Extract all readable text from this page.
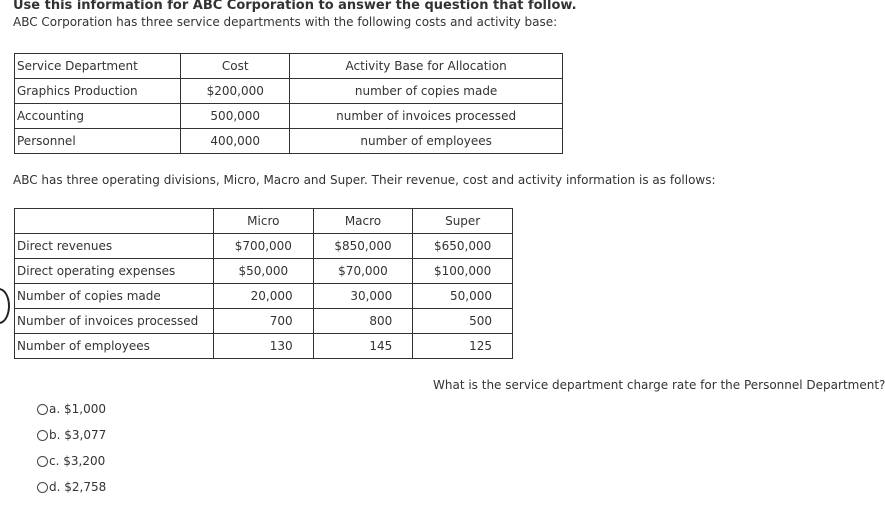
Use this information for ABC Corporation to answer the question that follow.
ABC Corporation has three service departments with the following costs and activity base:
Service Department	Cost	Activity Base for Allocation
Graphics Production	$200,000	number of copies made
Accounting	500,000	number of invoices processed
Personnel	400,000	number of employees
ABC has three operating divisions, Micro, Macro and Super. Their revenue, cost and activity information is as follows:
	Micro	Macro	Super
Direct revenues	$700,000	$850,000	$650,000
Direct operating expenses	$50,000	$70,000	$100,000
Number of copies made	20,000	30,000	50,000
Number of invoices processed	700	800	500
Number of employees	130	145	125
What is the service department charge rate for the Personnel Department?
a.
$1,000
b.
$3,077
c.
$3,200
d.
$2,758
